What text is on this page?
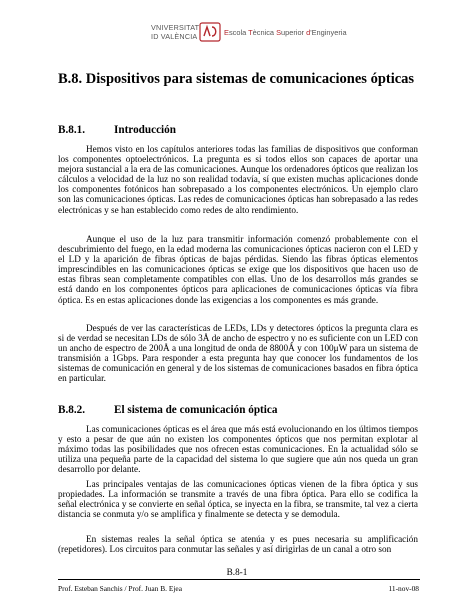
VNIVERSITAT
ID VALÈNCIA	Escola Tècnica Superior d'Enginyeria
B.8. Dispositivos para sistemas de comunicaciones ópticas
B.8.1.	Introducción

Hemos visto en los capítulos anteriores todas las familias de dispositivos que conforman los componentes optoelectrónicos. La pregunta es si todos ellos son capaces de aportar una mejora sustancial a la era de las comunicaciones. Aunque los ordenadores ópticos que realizan los cálculos a velocidad de la luz no son realidad todavía, sí que existen muchas aplicaciones donde los componentes fotónicos han sobrepasado a los componentes electrónicos. Un ejemplo claro son las comunicaciones ópticas. Las redes de comunicaciones ópticas han sobrepasado a las redes electrónicas y se han establecido como redes de alto rendimiento.

Aunque el uso de la luz para transmitir información comenzó probablemente con el descubrimiento del fuego, en la edad moderna las comunicaciones ópticas nacieron con el LED y el LD y la aparición de fibras ópticas de bajas pérdidas. Siendo las fibras ópticas elementos imprescindibles en las comunicaciones ópticas se exige que los dispositivos que hacen uso de estas fibras sean completamente compatibles con ellas. Uno de los desarrollos más grandes se está dando en los componentes ópticos para aplicaciones de comunicaciones ópticas vía fibra óptica. Es en estas aplicaciones donde las exigencias a los componentes es más grande.

Después de ver las características de LEDs, LDs y detectores ópticos la pregunta clara es si de verdad se necesitan LDs de sólo 3Å de ancho de espectro y no es suficiente con un LED con un ancho de espectro de 200Å a una longitud de onda de 8800Å y con 100μW para un sistema de transmisión a 1Gbps. Para responder a esta pregunta hay que conocer los fundamentos de los sistemas de comunicación en general y de los sistemas de comunicaciones basados en fibra óptica en particular.

B.8.2.	El sistema de comunicación óptica

Las comunicaciones ópticas es el área que más está evolucionando en los últimos tiempos y esto a pesar de que aún no existen los componentes ópticos que nos permitan explotar al máximo todas las posibilidades que nos ofrecen estas comunicaciones. En la actualidad sólo se utiliza una pequeña parte de la capacidad del sistema lo que sugiere que aún nos queda un gran desarrollo por delante.

Las principales ventajas de las comunicaciones ópticas vienen de la fibra óptica y sus propiedades. La información se transmite a través de una fibra óptica. Para ello se codifica la señal electrónica y se convierte en señal óptica, se inyecta en la fibra, se transmite, tal vez a cierta distancia se conmuta y/o se amplifica y finalmente se detecta y se demodula.

En sistemas reales la señal óptica se atenúa y es pues necesaria su amplificación (repetidores). Los circuitos para conmutar las señales y así dirigirlas de un canal a otro son

B.8-1
Prof. Esteban Sanchis / Prof. Juan B. Ejea	11-nov-08
